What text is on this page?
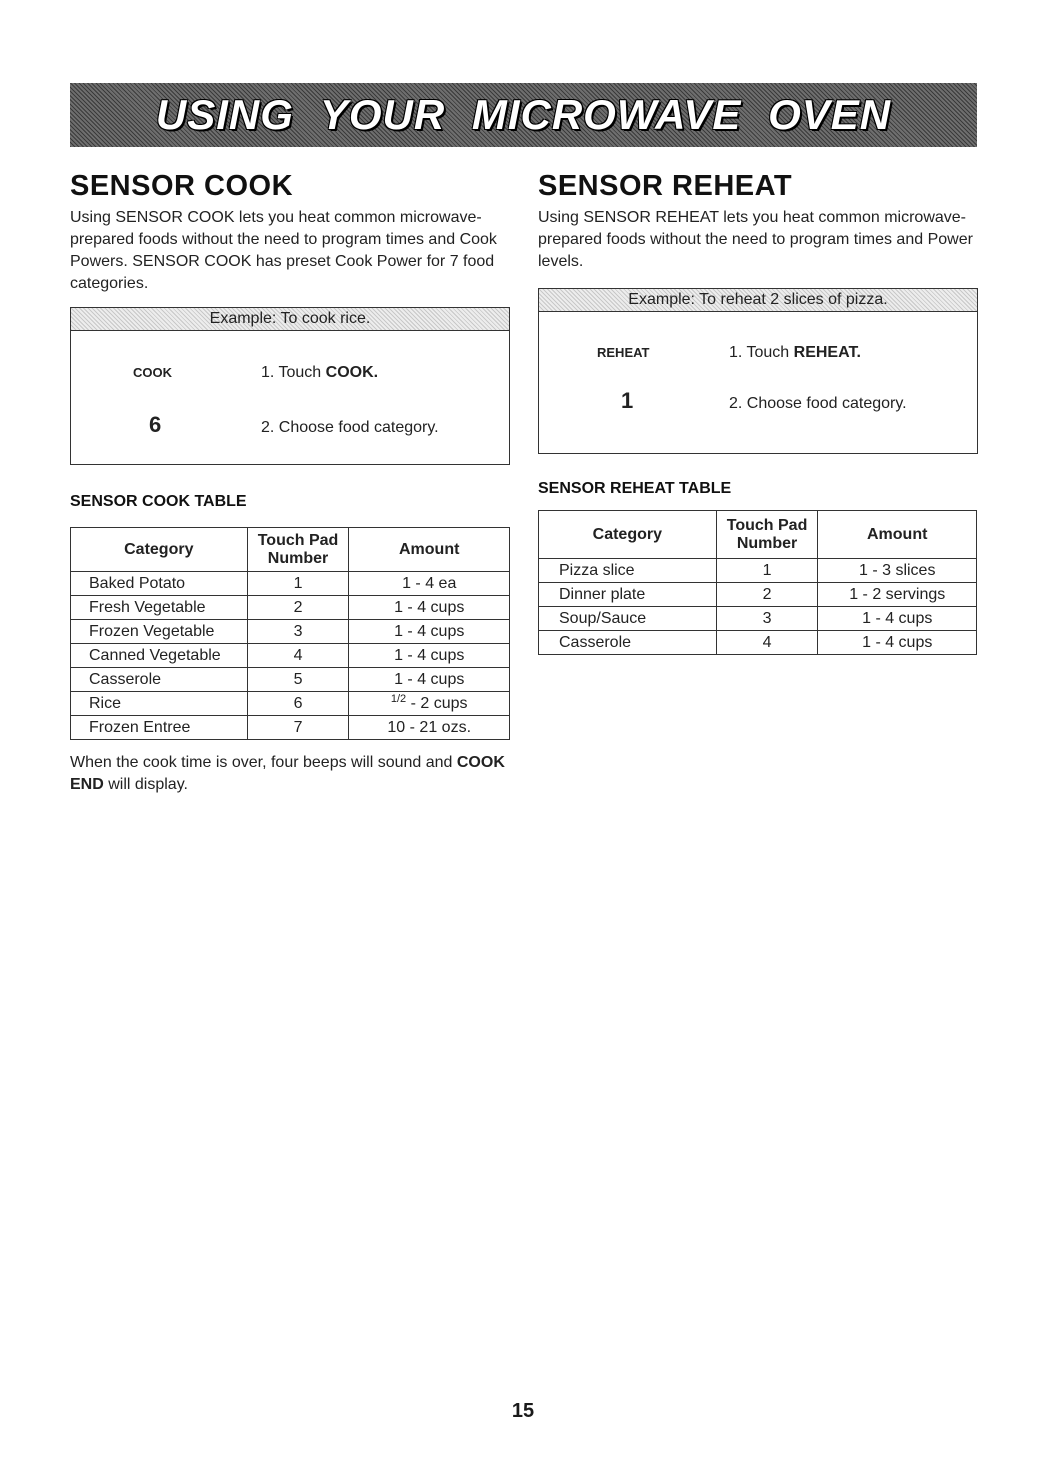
USING YOUR MICROWAVE OVEN
SENSOR COOK

Using SENSOR COOK lets you heat common microwave-prepared foods without the need to program times and Cook Powers. SENSOR COOK has preset Cook Power for 7 food categories.

Example: To cook rice.
COOK	1. Touch COOK.
6	2. Choose food category.
SENSOR COOK TABLE
Category	Touch Pad Number	Amount
Baked Potato	1	1 - 4 ea
Fresh Vegetable	2	1 - 4 cups
Frozen Vegetable	3	1 - 4 cups
Canned Vegetable	4	1 - 4 cups
Casserole	5	1 - 4 cups
Rice	6	$^{1/2}$ - 2 cups
Frozen Entree	7	10 - 21 ozs.

When the cook time is over, four beeps will sound and COOK END will display.

SENSOR REHEAT

Using SENSOR REHEAT lets you heat common microwave-prepared foods without the need to program times and Power levels.

Example: To reheat 2 slices of pizza.
REHEAT	1. Touch REHEAT.
1	2. Choose food category.
SENSOR REHEAT TABLE
Category	Touch Pad Number	Amount
Pizza slice	1	1 - 3 slices
Dinner plate	2	1 - 2 servings
Soup/Sauce	3	1 - 4 cups
Casserole	4	1 - 4 cups
15
